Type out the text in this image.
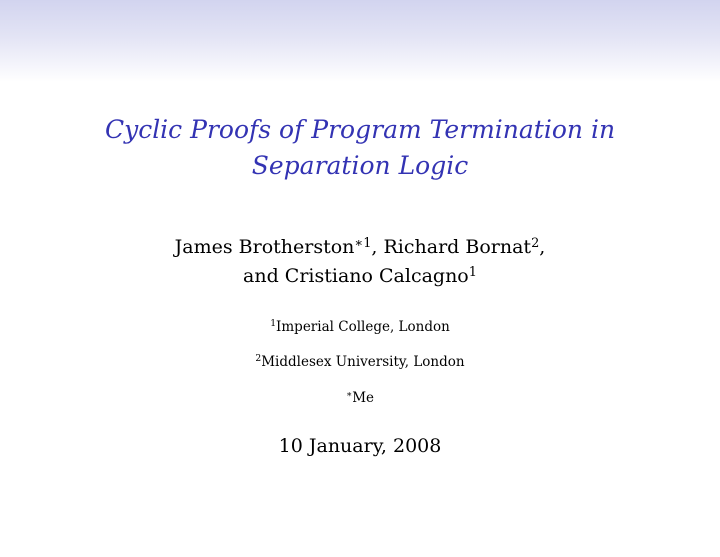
Cyclic Proofs of Program Termination in
Separation Logic
James Brotherston$^{∗1}$, Richard Bornat$^2$,
and Cristiano Calcagno$^1$
$^1$Imperial College, London
$^2$Middlesex University, London
∗Me
10 January, 2008
